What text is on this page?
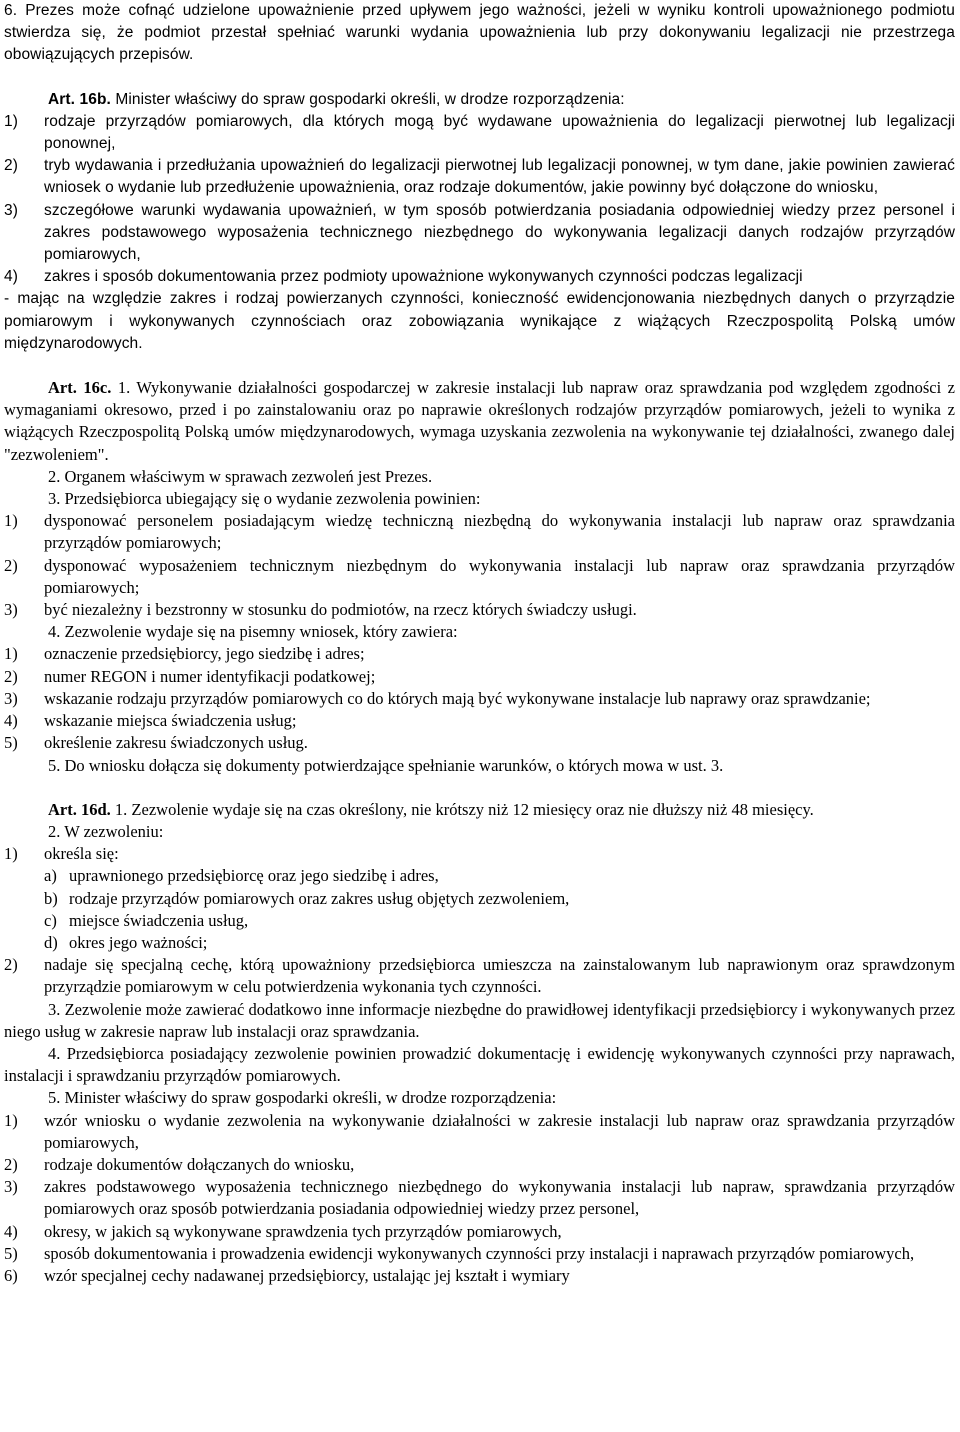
6. Prezes może cofnąć udzielone upoważnienie przed upływem jego ważności, jeżeli w wyniku kontroli upoważnionego podmiotu stwierdza się, że podmiot przestał spełniać warunki wydania upoważnienia lub przy dokonywaniu legalizacji nie przestrzega obowiązujących przepisów.

Art. 16b. Minister właściwy do spraw gospodarki określi, w drodze rozporządzenia:

1)	rodzaje przyrządów pomiarowych, dla których mogą być wydawane upoważnienia do legalizacji pierwotnej lub legalizacji ponownej,
2)	tryb wydawania i przedłużania upoważnień do legalizacji pierwotnej lub legalizacji ponownej, w tym dane, jakie powinien zawierać wniosek o wydanie lub przedłużenie upoważnienia, oraz rodzaje dokumentów, jakie powinny być dołączone do wniosku,
3)	szczegółowe warunki wydawania upoważnień, w tym sposób potwierdzania posiadania odpowiedniej wiedzy przez personel i zakres podstawowego wyposażenia technicznego niezbędnego do wykonywania legalizacji danych rodzajów przyrządów pomiarowych,
4)	zakres i sposób dokumentowania przez podmioty upoważnione wykonywanych czynności podczas legalizacji

- mając na względzie zakres i rodzaj powierzanych czynności, konieczność ewidencjonowania niezbędnych danych o przyrządzie pomiarowym i wykonywanych czynnościach oraz zobowiązania wynikające z wiążących Rzeczpospolitą Polską umów międzynarodowych.

Art. 16c. 1. Wykonywanie działalności gospodarczej w zakresie instalacji lub napraw oraz sprawdzania pod względem zgodności z wymaganiami okresowo, przed i po zainstalowaniu oraz po naprawie określonych rodzajów przyrządów pomiarowych, jeżeli to wynika z wiążących Rzeczpospolitą Polską umów międzynarodowych, wymaga uzyskania zezwolenia na wykonywanie tej działalności, zwanego dalej "zezwoleniem".

2. Organem właściwym w sprawach zezwoleń jest Prezes.

3. Przedsiębiorca ubiegający się o wydanie zezwolenia powinien:

1)	dysponować personelem posiadającym wiedzę techniczną niezbędną do wykonywania instalacji lub napraw oraz sprawdzania przyrządów pomiarowych;
2)	dysponować wyposażeniem technicznym niezbędnym do wykonywania instalacji lub napraw oraz sprawdzania przyrządów pomiarowych;
3)	być niezależny i bezstronny w stosunku do podmiotów, na rzecz których świadczy usługi.

4. Zezwolenie wydaje się na pisemny wniosek, który zawiera:

1)	oznaczenie przedsiębiorcy, jego siedzibę i adres;
2)	numer REGON i numer identyfikacji podatkowej;
3)	wskazanie rodzaju przyrządów pomiarowych co do których mają być wykonywane instalacje lub naprawy oraz sprawdzanie;
4)	wskazanie miejsca świadczenia usług;
5)	określenie zakresu świadczonych usług.

5. Do wniosku dołącza się dokumenty potwierdzające spełnianie warunków, o których mowa w ust. 3.

Art. 16d. 1. Zezwolenie wydaje się na czas określony, nie krótszy niż 12 miesięcy oraz nie dłuższy niż 48 miesięcy.

2. W zezwoleniu:

1)	określa się:
a) uprawnionego przedsiębiorcę oraz jego siedzibę i adres,
b) rodzaje przyrządów pomiarowych oraz zakres usług objętych zezwoleniem,
c) miejsce świadczenia usług,
d) okres jego ważności;
2)	nadaje się specjalną cechę, którą upoważniony przedsiębiorca umieszcza na zainstalowanym lub naprawionym oraz sprawdzonym przyrządzie pomiarowym w celu potwierdzenia wykonania tych czynności.

3. Zezwolenie może zawierać dodatkowo inne informacje niezbędne do prawidłowej identyfikacji przedsiębiorcy i wykonywanych przez niego usług w zakresie napraw lub instalacji oraz sprawdzania.

4. Przedsiębiorca posiadający zezwolenie powinien prowadzić dokumentację i ewidencję wykonywanych czynności przy naprawach, instalacji i sprawdzaniu przyrządów pomiarowych.

5. Minister właściwy do spraw gospodarki określi, w drodze rozporządzenia:

1)	wzór wniosku o wydanie zezwolenia na wykonywanie działalności w zakresie instalacji lub napraw oraz sprawdzania przyrządów pomiarowych,
2)	rodzaje dokumentów dołączanych do wniosku,
3)	zakres podstawowego wyposażenia technicznego niezbędnego do wykonywania instalacji lub napraw, sprawdzania przyrządów pomiarowych oraz sposób potwierdzania posiadania odpowiedniej wiedzy przez personel,
4)	okresy, w jakich są wykonywane sprawdzenia tych przyrządów pomiarowych,
5)	sposób dokumentowania i prowadzenia ewidencji wykonywanych czynności przy instalacji i naprawach przyrządów pomiarowych,
6)	wzór specjalnej cechy nadawanej przedsiębiorcy, ustalając jej kształt i wymiary
